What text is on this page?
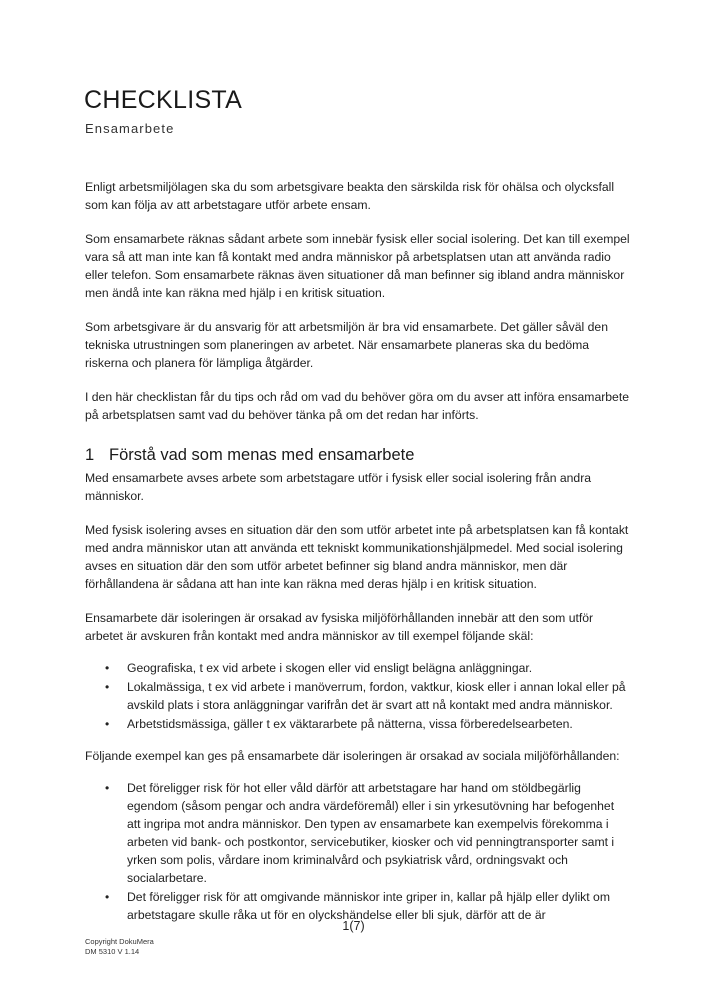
CHECKLISTA
Ensamarbete

Enligt arbetsmiljölagen ska du som arbetsgivare beakta den särskilda risk för ohälsa och olycksfall som kan följa av att arbetstagare utför arbete ensam.

Som ensamarbete räknas sådant arbete som innebär fysisk eller social isolering. Det kan till exempel vara så att man inte kan få kontakt med andra människor på arbetsplatsen utan att använda radio eller telefon. Som ensamarbete räknas även situationer då man befinner sig ibland andra människor men ändå inte kan räkna med hjälp i en kritisk situation.

Som arbetsgivare är du ansvarig för att arbetsmiljön är bra vid ensamarbete. Det gäller såväl den tekniska utrustningen som planeringen av arbetet. När ensamarbete planeras ska du bedöma riskerna och planera för lämpliga åtgärder.

I den här checklistan får du tips och råd om vad du behöver göra om du avser att införa ensamarbete på arbetsplatsen samt vad du behöver tänka på om det redan har införts.

1 Förstå vad som menas med ensamarbete

Med ensamarbete avses arbete som arbetstagare utför i fysisk eller social isolering från andra människor.

Med fysisk isolering avses en situation där den som utför arbetet inte på arbetsplatsen kan få kontakt med andra människor utan att använda ett tekniskt kommunikationshjälpmedel. Med social isolering avses en situation där den som utför arbetet befinner sig bland andra människor, men där förhållandena är sådana att han inte kan räkna med deras hjälp i en kritisk situation.

Ensamarbete där isoleringen är orsakad av fysiska miljöförhållanden innebär att den som utför arbetet är avskuren från kontakt med andra människor av till exempel följande skäl:

• Geografiska, t ex vid arbete i skogen eller vid ensligt belägna anläggningar.
• Lokalmässiga, t ex vid arbete i manöverrum, fordon, vaktkur, kiosk eller i annan lokal eller på avskild plats i stora anläggningar varifrån det är svart att nå kontakt med andra människor.
• Arbetstidsmässiga, gäller t ex väktararbete på nätterna, vissa förberedelsearbeten.

Följande exempel kan ges på ensamarbete där isoleringen är orsakad av sociala miljöförhållanden:

• Det föreligger risk för hot eller våld därför att arbetstagare har hand om stöldbegärlig egendom (såsom pengar och andra värdeföremål) eller i sin yrkesutövning har befogenhet att ingripa mot andra människor. Den typen av ensamarbete kan exempelvis förekomma i arbeten vid bank- och postkontor, servicebutiker, kiosker och vid penningtransporter samt i yrken som polis, vårdare inom kriminalvård och psykiatrisk vård, ordningsvakt och socialarbetare.
• Det föreligger risk för att omgivande människor inte griper in, kallar på hjälp eller dylikt om arbetstagare skulle råka ut för en olyckshändelse eller bli sjuk, därför att de är
1(7)
Copyright DokuMera
DM 5310 V 1.14
